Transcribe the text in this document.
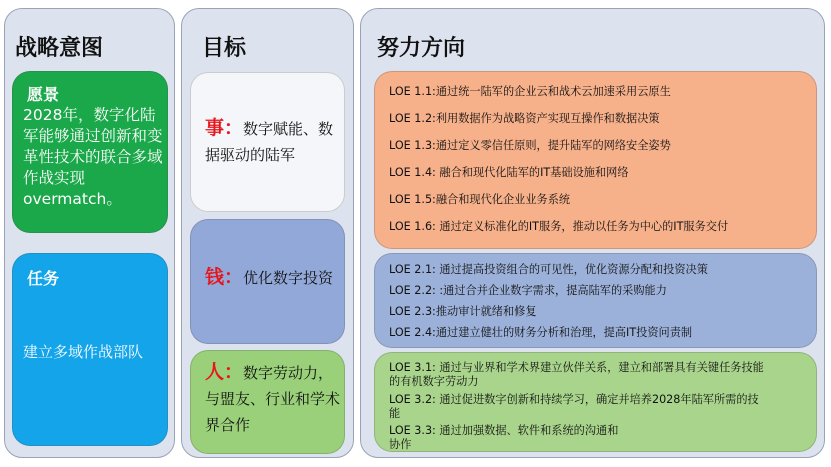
战略意图
愿景
2028年，数字化陆军能够通过创新和变革性技术的联合多域作战实现overmatch。
任务
建立多域作战部队
目标
事：数字赋能、数据驱动的陆军
钱：优化数字投资
人：数字劳动力，与盟友、行业和学术界合作
努力方向
LOE 1.1:通过统一陆军的企业云和战术云加速采用云原生
LOE 1.2:利用数据作为战略资产实现互操作和数据决策
LOE 1.3:通过定义零信任原则，提升陆军的网络安全姿势
LOE 1.4: 融合和现代化陆军的IT基础设施和网络
LOE 1.5:融合和现代化企业业务系统
LOE 1.6: 通过定义标准化的IT服务，推动以任务为中心的IT服务交付
LOE 2.1: 通过提高投资组合的可见性，优化资源分配和投资决策
LOE 2.2: :通过合并企业数字需求，提高陆军的采购能力
LOE 2.3:推动审计就绪和修复
LOE 2.4:通过建立健壮的财务分析和治理，提高IT投资问责制
LOE 3.1: 通过与业界和学术界建立伙伴关系，建立和部署具有关键任务技能
的有机数字劳动力
LOE 3.2: 通过促进数字创新和持续学习，确定并培养2028年陆军所需的技
能
LOE 3.3: 通过加强数据、软件和系统的沟通和
协作
